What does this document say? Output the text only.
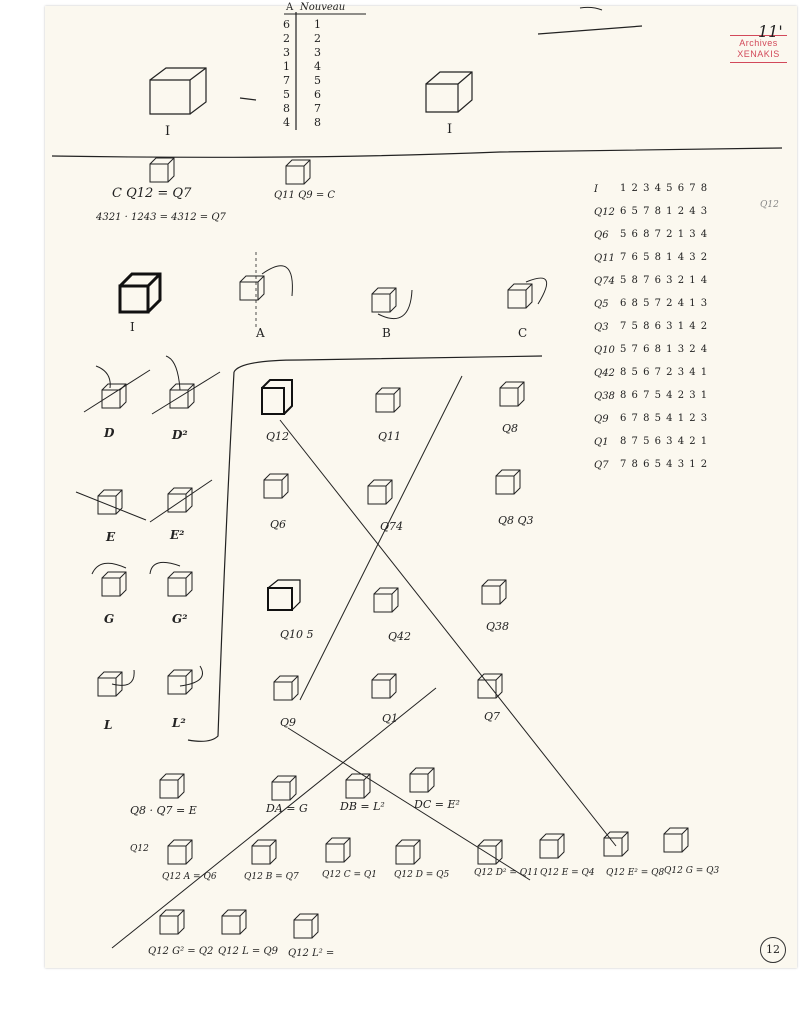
Archives
XENAKIS
11'
12
A Nouveau
6 1
2 2
3 3
1 4
7 5
5 6
8 7
4 8
I	I
C Q12 = Q7	Q11 Q9 = C
4321 · 1243 = 4312 = Q7
Q12
I 1 2 3 4 5 6 7 8
Q12 6 5 7 8 1 2 4 3
Q6 5 6 8 7 2 1 3 4
Q11 7 6 5 8 1 4 3 2
Q74 5 8 7 6 3 2 1 4
Q5 6 8 5 7 2 4 1 3
Q3 7 5 8 6 3 1 4 2
Q10 5 7 6 8 1 3 2 4
Q42 8 5 6 7 2 3 4 1
Q38 8 6 7 5 4 2 3 1
Q9 6 7 8 5 4 1 2 3
Q1 8 7 5 6 3 4 2 1
Q7 7 8 6 5 4 3 1 2
I	A	B	C
D	D²
E	E²
G	G²
L	L²
Q12	Q11
Q8
Q6	Q74	Q8 Q3
Q10 5	Q42
Q38
Q9	Q1	Q7
Q8 · Q7 = E	DA = G	DB = L²	DC = E²
Q12 A = Q6	Q12 B = Q7	Q12 C = Q1 Q12 D = Q5	Q12 D² = Q11 Q12 E = Q4 Q12 E² = Q8 Q12 G = Q3
Q12 G² = Q2 Q12 L = Q9 Q12 L² =
Q12
